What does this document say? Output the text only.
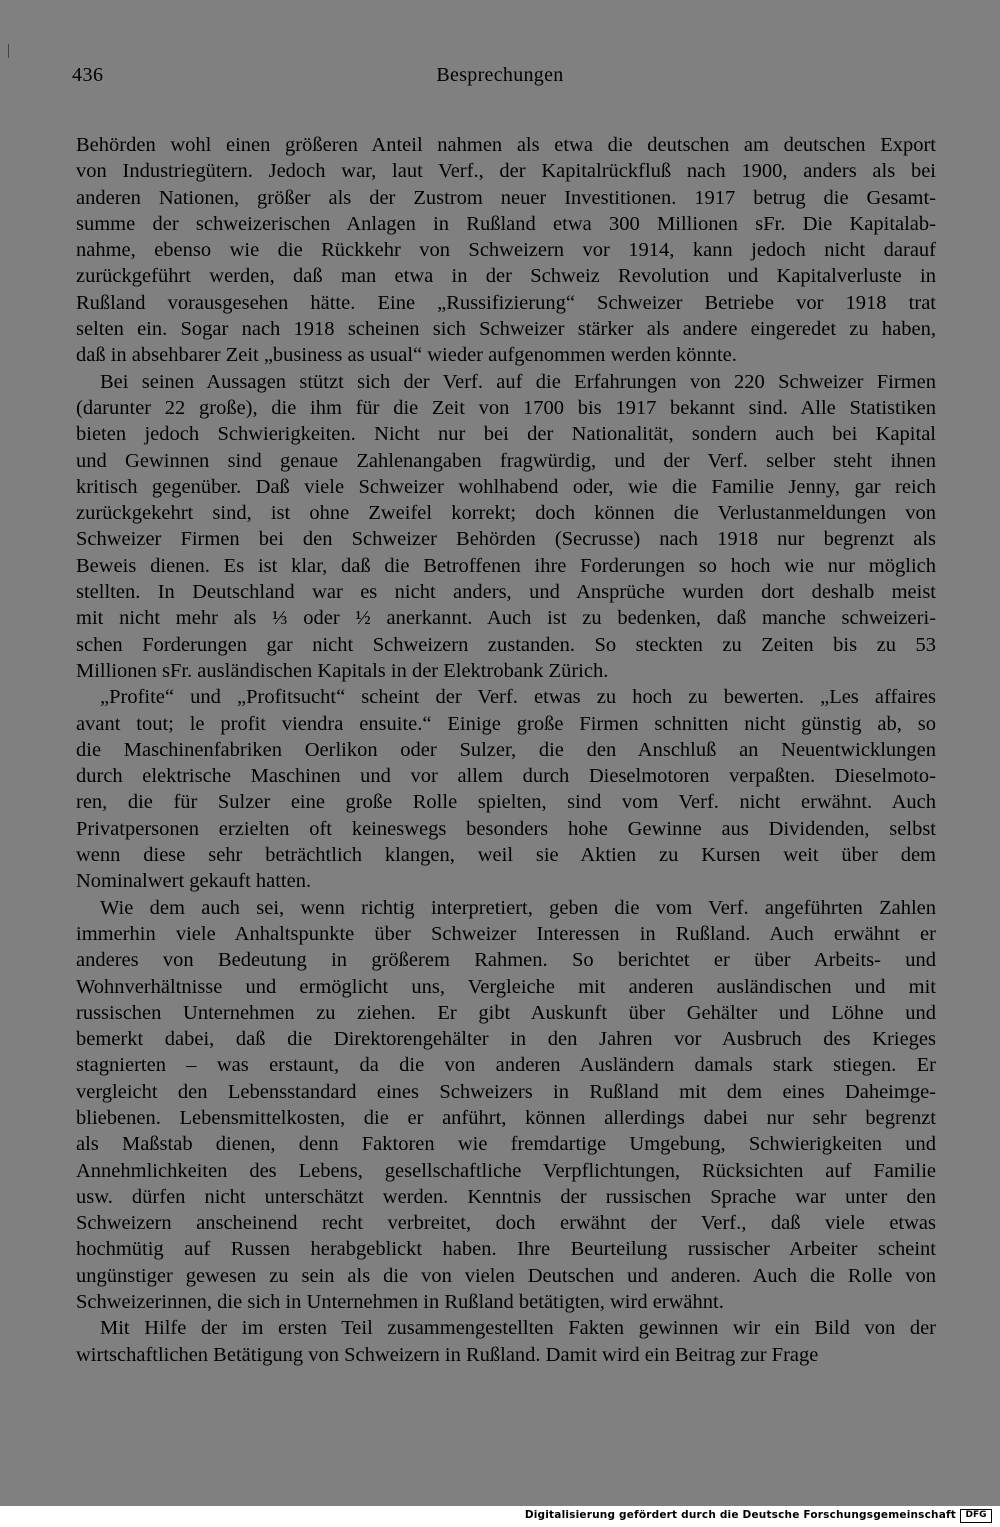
436	Besprechungen
Behörden wohl einen größeren Anteil nahmen als etwa die deutschen am deutschen Export
von Industriegütern. Jedoch war, laut Verf., der Kapitalrückfluß nach 1900, anders als bei
anderen Nationen, größer als der Zustrom neuer Investitionen. 1917 betrug die Gesamt-
summe der schweizerischen Anlagen in Rußland etwa 300 Millionen sFr. Die Kapitalab-
nahme, ebenso wie die Rückkehr von Schweizern vor 1914, kann jedoch nicht darauf
zurückgeführt werden, daß man etwa in der Schweiz Revolution und Kapitalverluste in
Rußland vorausgesehen hätte. Eine „Russifizierung“ Schweizer Betriebe vor 1918 trat
selten ein. Sogar nach 1918 scheinen sich Schweizer stärker als andere eingeredet zu haben,
daß in absehbarer Zeit „business as usual“ wieder aufgenommen werden könnte.
Bei seinen Aussagen stützt sich der Verf. auf die Erfahrungen von 220 Schweizer Firmen
(darunter 22 große), die ihm für die Zeit von 1700 bis 1917 bekannt sind. Alle Statistiken
bieten jedoch Schwierigkeiten. Nicht nur bei der Nationalität, sondern auch bei Kapital
und Gewinnen sind genaue Zahlenangaben fragwürdig, und der Verf. selber steht ihnen
kritisch gegenüber. Daß viele Schweizer wohlhabend oder, wie die Familie Jenny, gar reich
zurückgekehrt sind, ist ohne Zweifel korrekt; doch können die Verlustanmeldungen von
Schweizer Firmen bei den Schweizer Behörden (Secrusse) nach 1918 nur begrenzt als
Beweis dienen. Es ist klar, daß die Betroffenen ihre Forderungen so hoch wie nur möglich
stellten. In Deutschland war es nicht anders, und Ansprüche wurden dort deshalb meist
mit nicht mehr als ⅓ oder ½ anerkannt. Auch ist zu bedenken, daß manche schweizeri-
schen Forderungen gar nicht Schweizern zustanden. So steckten zu Zeiten bis zu 53
Millionen sFr. ausländischen Kapitals in der Elektrobank Zürich.
„Profite“ und „Profitsucht“ scheint der Verf. etwas zu hoch zu bewerten. „Les affaires
avant tout; le profit viendra ensuite.“ Einige große Firmen schnitten nicht günstig ab, so
die Maschinenfabriken Oerlikon oder Sulzer, die den Anschluß an Neuentwicklungen
durch elektrische Maschinen und vor allem durch Dieselmotoren verpaßten. Dieselmoto-
ren, die für Sulzer eine große Rolle spielten, sind vom Verf. nicht erwähnt. Auch
Privatpersonen erzielten oft keineswegs besonders hohe Gewinne aus Dividenden, selbst
wenn diese sehr beträchtlich klangen, weil sie Aktien zu Kursen weit über dem
Nominalwert gekauft hatten.
Wie dem auch sei, wenn richtig interpretiert, geben die vom Verf. angeführten Zahlen
immerhin viele Anhaltspunkte über Schweizer Interessen in Rußland. Auch erwähnt er
anderes von Bedeutung in größerem Rahmen. So berichtet er über Arbeits- und
Wohnverhältnisse und ermöglicht uns, Vergleiche mit anderen ausländischen und mit
russischen Unternehmen zu ziehen. Er gibt Auskunft über Gehälter und Löhne und
bemerkt dabei, daß die Direktorengehälter in den Jahren vor Ausbruch des Krieges
stagnierten – was erstaunt, da die von anderen Ausländern damals stark stiegen. Er
vergleicht den Lebensstandard eines Schweizers in Rußland mit dem eines Daheimge-
bliebenen. Lebensmittelkosten, die er anführt, können allerdings dabei nur sehr begrenzt
als Maßstab dienen, denn Faktoren wie fremdartige Umgebung, Schwierigkeiten und
Annehmlichkeiten des Lebens, gesellschaftliche Verpflichtungen, Rücksichten auf Familie
usw. dürfen nicht unterschätzt werden. Kenntnis der russischen Sprache war unter den
Schweizern anscheinend recht verbreitet, doch erwähnt der Verf., daß viele etwas
hochmütig auf Russen herabgeblickt haben. Ihre Beurteilung russischer Arbeiter scheint
ungünstiger gewesen zu sein als die von vielen Deutschen und anderen. Auch die Rolle von
Schweizerinnen, die sich in Unternehmen in Rußland betätigten, wird erwähnt.
Mit Hilfe der im ersten Teil zusammengestellten Fakten gewinnen wir ein Bild von der
wirtschaftlichen Betätigung von Schweizern in Rußland. Damit wird ein Beitrag zur Frage
Digitalisierung gefördert durch die Deutsche Forschungsgemeinschaft	DFG
